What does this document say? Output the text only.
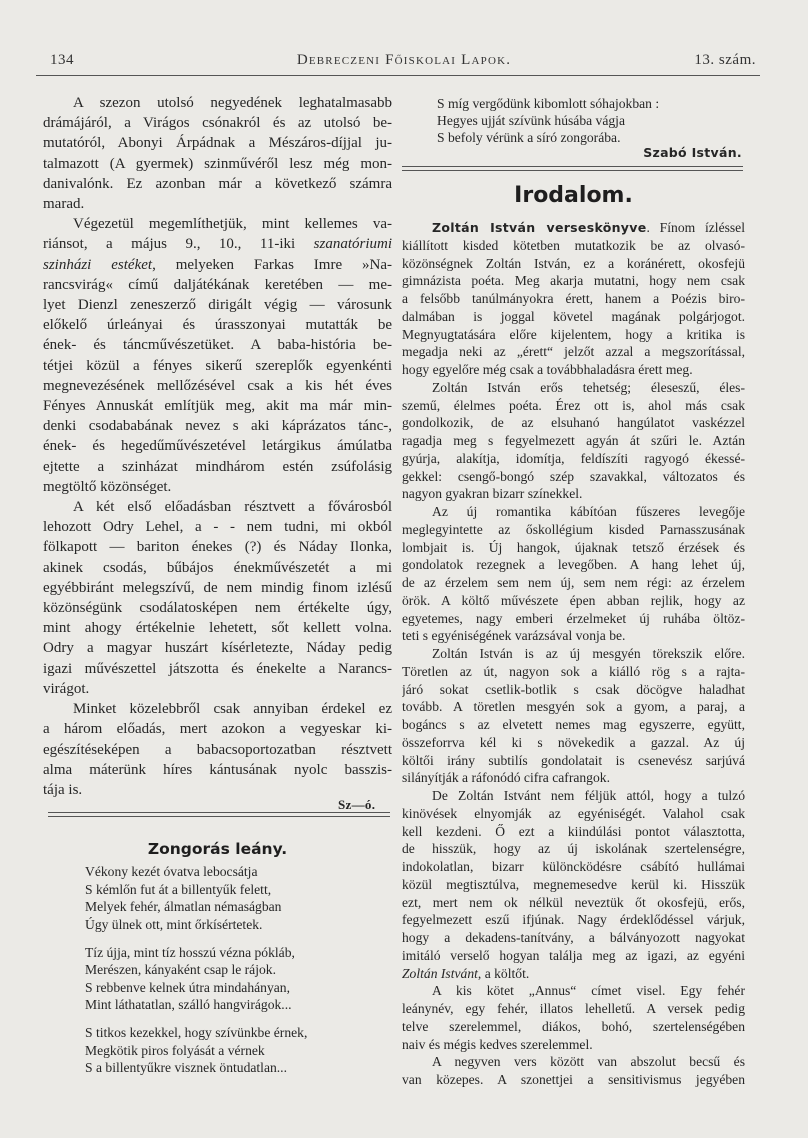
134	Debreczeni Főiskolai Lapok.	13. szám.
A szezon utolsó negyedének leghatalmasabb
drámájáról, a Virágos csónakról és az utolsó be-
mutatóról, Abonyi Árpádnak a Mészáros-díjjal ju-
talmazott (A gyermek) szinművéről lesz még mon-
danivalónk. Ez azonban már a következő számra
marad.
Végezetül megemlíthetjük, mint kellemes va-
riánsot, a május 9., 10., 11-iki szanatóriumi
szinházi estéket, melyeken Farkas Imre »Na-
rancsvirág« című daljátékának keretében — me-
lyet Dienzl zeneszerző dirigált végig — városunk
előkelő úrleányai és úrasszonyai mutatták be
ének- és táncművészetüket. A baba-história be-
tétjei közül a fényes sikerű szereplők egyenkénti
megnevezésének mellőzésével csak a kis hét éves
Fényes Annuskát említjük meg, akit ma már min-
denki csodababának nevez s aki káprázatos tánc-,
ének- és hegedűművészetével letárgikus ámúlatba
ejtette a szinházat mindhárom estén zsúfolásig
megtöltő közönséget.
A két első előadásban résztvett a fővárosból
lehozott Odry Lehel, a - - nem tudni, mi okból
fölkapott — bariton énekes (?) és Náday Ilonka,
akinek csodás, bűbájos énekművészetét a mi
egyébbiránt melegszívű, de nem mindig finom izlésű
közönségünk csodálatosképen nem értékelte úgy,
mint ahogy értékelnie lehetett, sőt kellett volna.
Odry a magyar huszárt kísérletezte, Náday pedig
igazi művészettel játszotta és énekelte a Narancs-
virágot.
Minket közelebbről csak annyiban érdekel ez
a három előadás, mert azokon a vegyeskar ki-
egészítéseképen a babacsoportozatban résztvett
alma máterünk híres kántusának nyolc basszis-
tája is.
Sz—ó.
Zongorás leány.
Vékony kezét óvatva lebocsátja
S kémlőn fut át a billentyűk felett,
Melyek fehér, álmatlan némaságban
Úgy ülnek ott, mint őrkísértetek.
Tíz újja, mint tíz hosszú vézna pókláb,
Merészen, kányaként csap le rájok.
S rebbenve kelnek útra mindahányan,
Mint láthatatlan, szálló hangvirágok...
S titkos kezekkel, hogy szívünkbe érnek,
Megkötik piros folyását a vérnek
S a billentyűkre visznek öntudatlan...
S míg vergődünk kibomlott sóhajokban :
Hegyes ujját szívünk húsába vágja
S befoly vérünk a síró zongorába.
Szabó István.
Irodalom.
Zoltán István verseskönyve. Fínom ízléssel
kiállított kisded kötetben mutatkozik be az olvasó-
közönségnek Zoltán István, ez a koránérett, okosfejü
gimnázista poéta. Meg akarja mutatni, hogy nem csak
a felsőbb tanúlmányokra érett, hanem a Poézis biro-
dalmában is joggal követel magának polgárjogot.
Megnyugtatására előre kijelentem, hogy a kritika is
megadja neki az „érett“ jelzőt azzal a megszorítással,
hogy egyelőre még csak a továbbhaladásra érett meg.
Zoltán István erős tehetség; éleseszű, éles-
szemű, élelmes poéta. Érez ott is, ahol más csak
gondolkozik, de az elsuhanó hangúlatot vaskézzel
ragadja meg s fegyelmezett agyán át szűri le. Aztán
gyúrja, alakítja, idomítja, feldíszíti ragyogó ékessé-
gekkel: csengő-bongó szép szavakkal, változatos és
nagyon gyakran bizarr színekkel.
Az új romantika kábítóan fűszeres levegője
meglegyintette az őskollégium kisded Parnasszusának
lombjait is. Új hangok, újaknak tetsző érzések és
gondolatok rezegnek a levegőben. A hang lehet új,
de az érzelem sem nem új, sem nem régi: az érzelem
örök. A költő művészete épen abban rejlik, hogy az
egyetemes, nagy emberi érzelmeket új ruhába öltöz-
teti s egyéniségének varázsával vonja be.
Zoltán István is az új mesgyén törekszik előre.
Töretlen az út, nagyon sok a kiálló rög s a rajta-
járó sokat csetlik-botlik s csak döcögve haladhat
tovább. A töretlen mesgyén sok a gyom, a paraj, a
bogáncs s az elvetett nemes mag egyszerre, együtt,
összeforrva kél ki s növekedik a gazzal. Az új
költői irány subtilís gondolatait is csenevész sarjúvá
silányítják a ráfonódó cifra cafrangok.
De Zoltán Istvánt nem féljük attól, hogy a tulzó
kinövések elnyomják az egyéniségét. Valahol csak
kell kezdeni. Ő ezt a kiindúlási pontot választotta,
de hisszük, hogy az új iskolának szertelenségre,
indokolatlan, bizarr különcködésre csábító hullámai
közül megtisztúlva, megnemesedve kerül ki. Hisszük
ezt, mert nem ok nélkül neveztük őt okosfejü, erős,
fegyelmezett eszű ifjúnak. Nagy érdeklődéssel várjuk,
hogy a dekadens-tanítvány, a bálványozott nagyokat
imitáló verselő hogyan találja meg az igazi, az egyéni
Zoltán Istvánt, a költőt.
A kis kötet „Annus“ címet visel. Egy fehér
leánynév, egy fehér, illatos lehelletű. A versek pedig
telve szerelemmel, diákos, bohó, szertelenségében
naiv és mégis kedves szerelemmel.
A negyven vers között van abszolut becsű és
van közepes. A szonettjei a sensitivismus jegyében
